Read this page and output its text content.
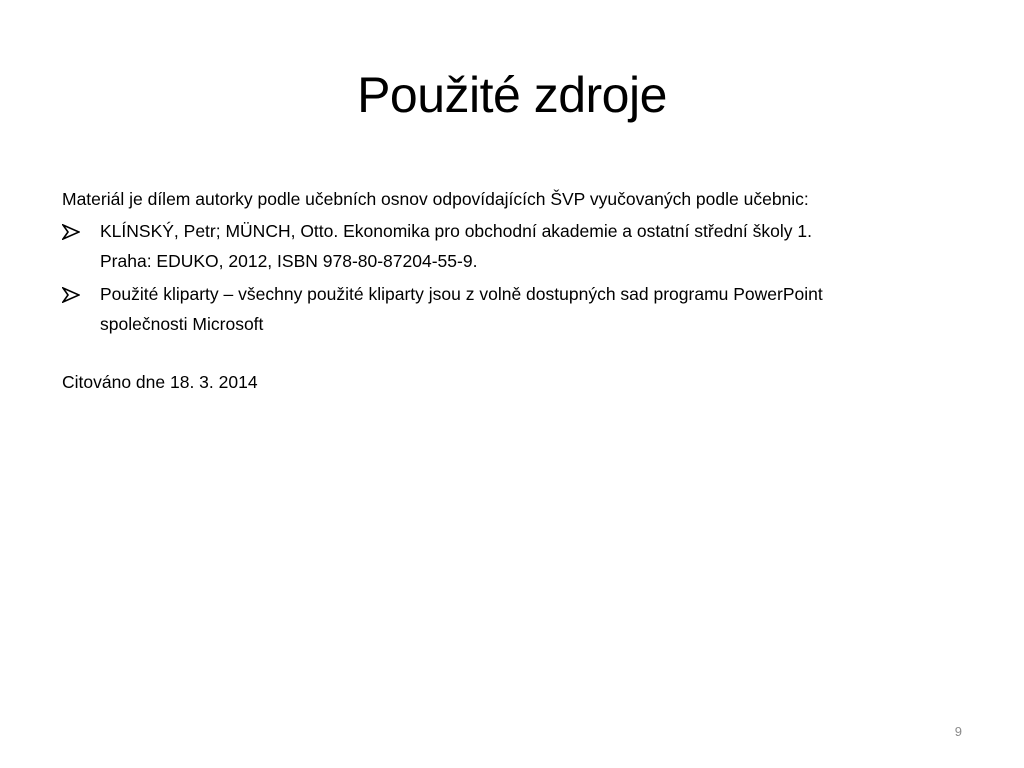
Použité zdroje

Materiál je dílem autorky podle učebních osnov odpovídajících ŠVP vyučovaných podle učebnic:

KLÍNSKÝ, Petr; MÜNCH, Otto. Ekonomika pro obchodní akademie a ostatní střední školy 1.
Praha: EDUKO, 2012, ISBN 978-80-87204-55-9.
Použité kliparty – všechny použité kliparty jsou z volně dostupných sad programu PowerPoint
společnosti Microsoft

Citováno dne 18. 3. 2014

9
